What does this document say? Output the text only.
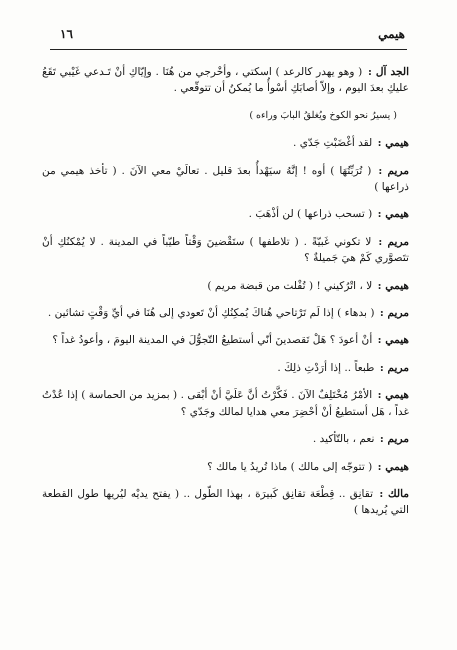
هيمي
١٦

الجد آل : ( وهو يهدر كالرعد ) اسكتي ، وأخْرجي من هُنَا . وإيّاكِ أنْ تَـدعي غَيْبي تَقَعُ عليكِ بعدَ اليوم ، وإلاّ أصابَكِ أسْوأُ ما يُمكنُ أن تتوقّعي .

( يسيرُ نحو الكوخ ويُغلقُ البابَ وراءه )

هيمي : لقد أغْضَبْتِ جَدّي .

مريم : ( تُرَبِّتُهَا ) أوه ! إنَّهُ سيَهْدأُ بعدَ قليل . تعالَيْ معي الآنَ . ( تأخذ هيمي من ذراعها )

هيمي : ( تسحب ذراعها ) لن أذْهَبَ .

مريم : لا تكوني غَبيّةً . ( تلاطفها ) ستَقْضينَ وَقْتاً طيّباً في المدينة . لا يُمْكنُكِ أنْ تتَصوَّري كَمْ هيَ جَميلةٌ ؟

هيمي : لا ، اتْرُكيني ! ( تُفْلت من قبضة مريم )

مريم : ( بدهاء ) إذا لَم تَرْتاحي هُناكَ يُمكِنُكِ أنْ تَعودي إلى هُنَا في أيِّ وَقْتٍ تشائين .

هيمي : أنْ أعودَ ؟ هَلْ تَقصدينَ أنّي أستطيعُ التّجوُّلَ في المدينة اليومَ ، وأعودُ غداً ؟

مريم : طبعاً .. إذا أرَدْتِ ذلِكَ .

هيمي : الأمْرُ مُخْتَلِفٌ الآنَ . فَكَّرْتُ أنَّ عَلَيَّ أنْ أبْقى . ( بمزيد من الحماسة ) إذا عُدْتُ غداً ، هَل أستطيعُ أنْ أحْضِرَ معي هدايا لمالك وجَدّي ؟

مريم : نعم ، بالتّأكيد .

هيمي : ( تتوجّه إلى مالك ) ماذا تُريدُ يا مالك ؟

مالك : تقانِق .. قِطْعَة تقانِق كَبيرَة ، بهذا الطّول .. ( يفتح يديْه ليُريها طول القطعة التي يُريدها )
